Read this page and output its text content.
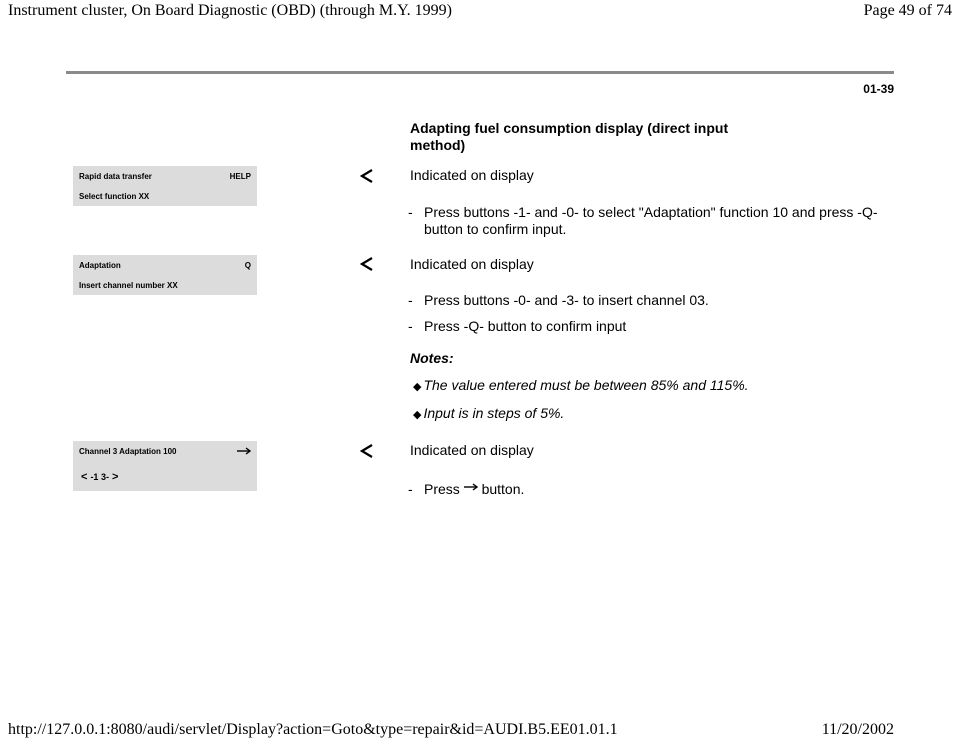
Instrument cluster, On Board Diagnostic (OBD) (through M.Y. 1999)	Page 49 of 74
01-39
Adapting fuel consumption display (direct input method)
Rapid data transfer	HELP
Select function XX
Indicated on display
- Press buttons -1- and -0- to select "Adaptation" function 10 and press -Q- button to confirm input.
Adaptation	Q
Insert channel number XX
Indicated on display
- Press buttons -0- and -3- to insert channel 03.
- Press -Q- button to confirm input
Notes:
◆ The value entered must be between 85% and 115%.
◆ Input is in steps of 5%.
Channel 3 Adaptation 100
< -1 3- >
Indicated on display
- Press button.
http://127.0.0.1:8080/audi/servlet/Display?action=Goto&type=repair&id=AUDI.B5.EE01.01.1	11/20/2002
